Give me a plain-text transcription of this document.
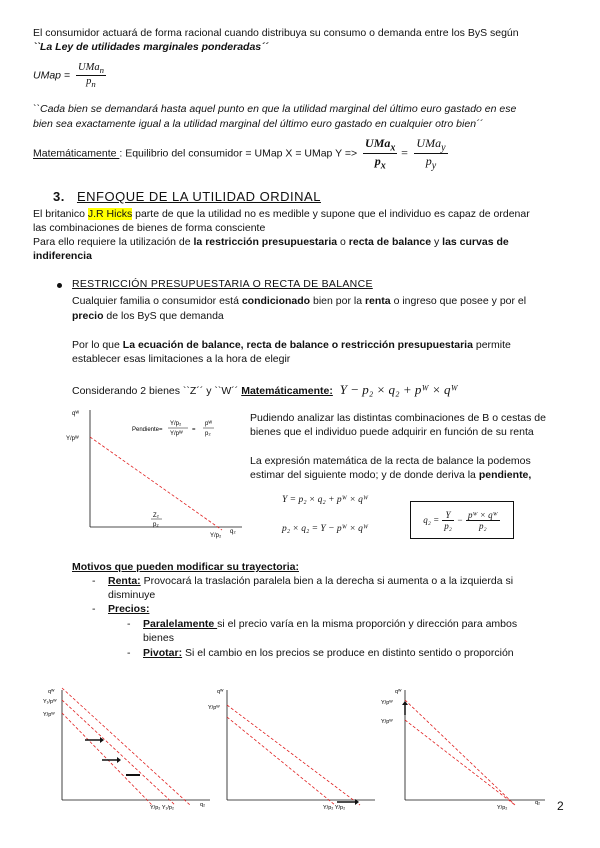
El consumidor actuará de forma racional cuando distribuya su consumo o demanda entre los ByS según
``La Ley de utilidades marginales ponderadas´´
UMap = $\frac{UMa_n}{p_n}$
``Cada bien se demandará hasta aquel punto en que la utilidad marginal del último euro gastado en ese
bien sea exactamente igual a la utilidad marginal del último euro gastado en cualquier otro bien´´
Matemáticamente : Equilibrio del consumidor = UMap X = UMap $Y => \frac{UMa_x}{p_x} = \frac{UMa_y}{p_y}$
3. ENFOQUE DE LA UTILIDAD ORDINAL
El britanico J.R Hicks parte de que la utilidad no es medible y supone que el individuo es capaz de ordenar
las combinaciones de bienes de forma consciente
Para ello requiere la utilización de la restricción presupuestaria o recta de balance y las curvas de
indiferencia
RESTRICCIÓN PRESUPUESTARIA O RECTA DE BALANCE
Cualquier familia o consumidor está condicionado bien por la renta o ingreso que posee y por el
precio de los ByS que demanda
Por lo que La ecuación de balance, recta de balance o restricción presupuestaria permite
establecer esas limitaciones a la hora de elegir
Considerando 2 bienes ``Z´´ y ``W´´ Matemáticamente: Y − p₂ × q₂ + pᵂ × qᵂ
qᵂ
Y/pᵂ
Pendiente=
Y/p₂
Y/pᵂ
=
pᵂ
p₂
Z₂
p₂
Y/p₂
q₂
Pudiendo analizar las distintas combinaciones de B o cestas de
bienes que el individuo puede adquirir en función de su renta
La expresión matemática de la recta de balance la podemos
estimar del siguiente modo; y de donde deriva la pendiente,
Y = p₂ × q₂ + pᵂ × qᵂ
p₂ × q₂ = Y − pᵂ × qᵂ
$q_2 = \frac{Y}{\text{p₂}} - \frac{\text{pᵂ × qᵂ}}{\text{p₂}}$
Motivos que pueden modificar su trayectoria:
- Renta: Provocará la traslación paralela bien a la derecha si aumenta o a la izquierda si
disminuye
- Precios:
- Paralelamente si el precio varía en la misma proporción y dirección para ambos
bienes
- Pivotar: Si el cambio en los precios se produce en distinto sentido o proporción
qᵂ
Y₁/pᵂ
Y/pᵂ
Y/p₂ Y₁/p₂	q₂
qᵂ
Y/pᵂ
Y/p₂ Y/p₂
qᵂ
Y/pᵂ
Y/pᵂ
Y/p₂
q₂ 2
